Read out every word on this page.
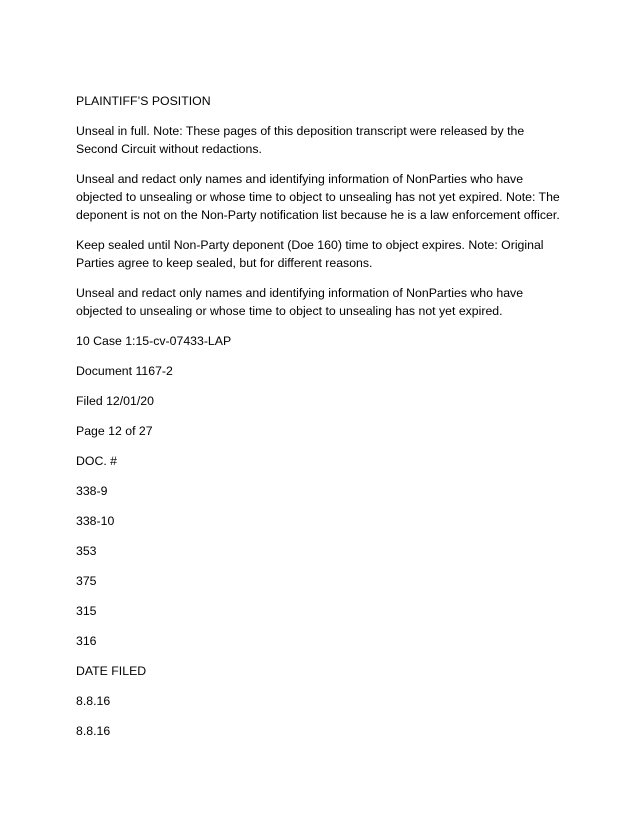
PLAINTIFF’S POSITION

Unseal in full. Note: These pages of this deposition transcript were released by the Second Circuit without redactions.

Unseal and redact only names and identifying information of NonParties who have objected to unsealing or whose time to object to unsealing has not yet expired. Note: The deponent is not on the Non-Party notification list because he is a law enforcement officer.

Keep sealed until Non-Party deponent (Doe 160) time to object expires. Note: Original Parties agree to keep sealed, but for different reasons.

Unseal and redact only names and identifying information of NonParties who have objected to unsealing or whose time to object to unsealing has not yet expired.

10 Case 1:15-cv-07433-LAP

Document 1167-2

Filed 12/01/20

Page 12 of 27

DOC. #

338-9

338-10

353

375

315

316

DATE FILED

8.8.16

8.8.16
